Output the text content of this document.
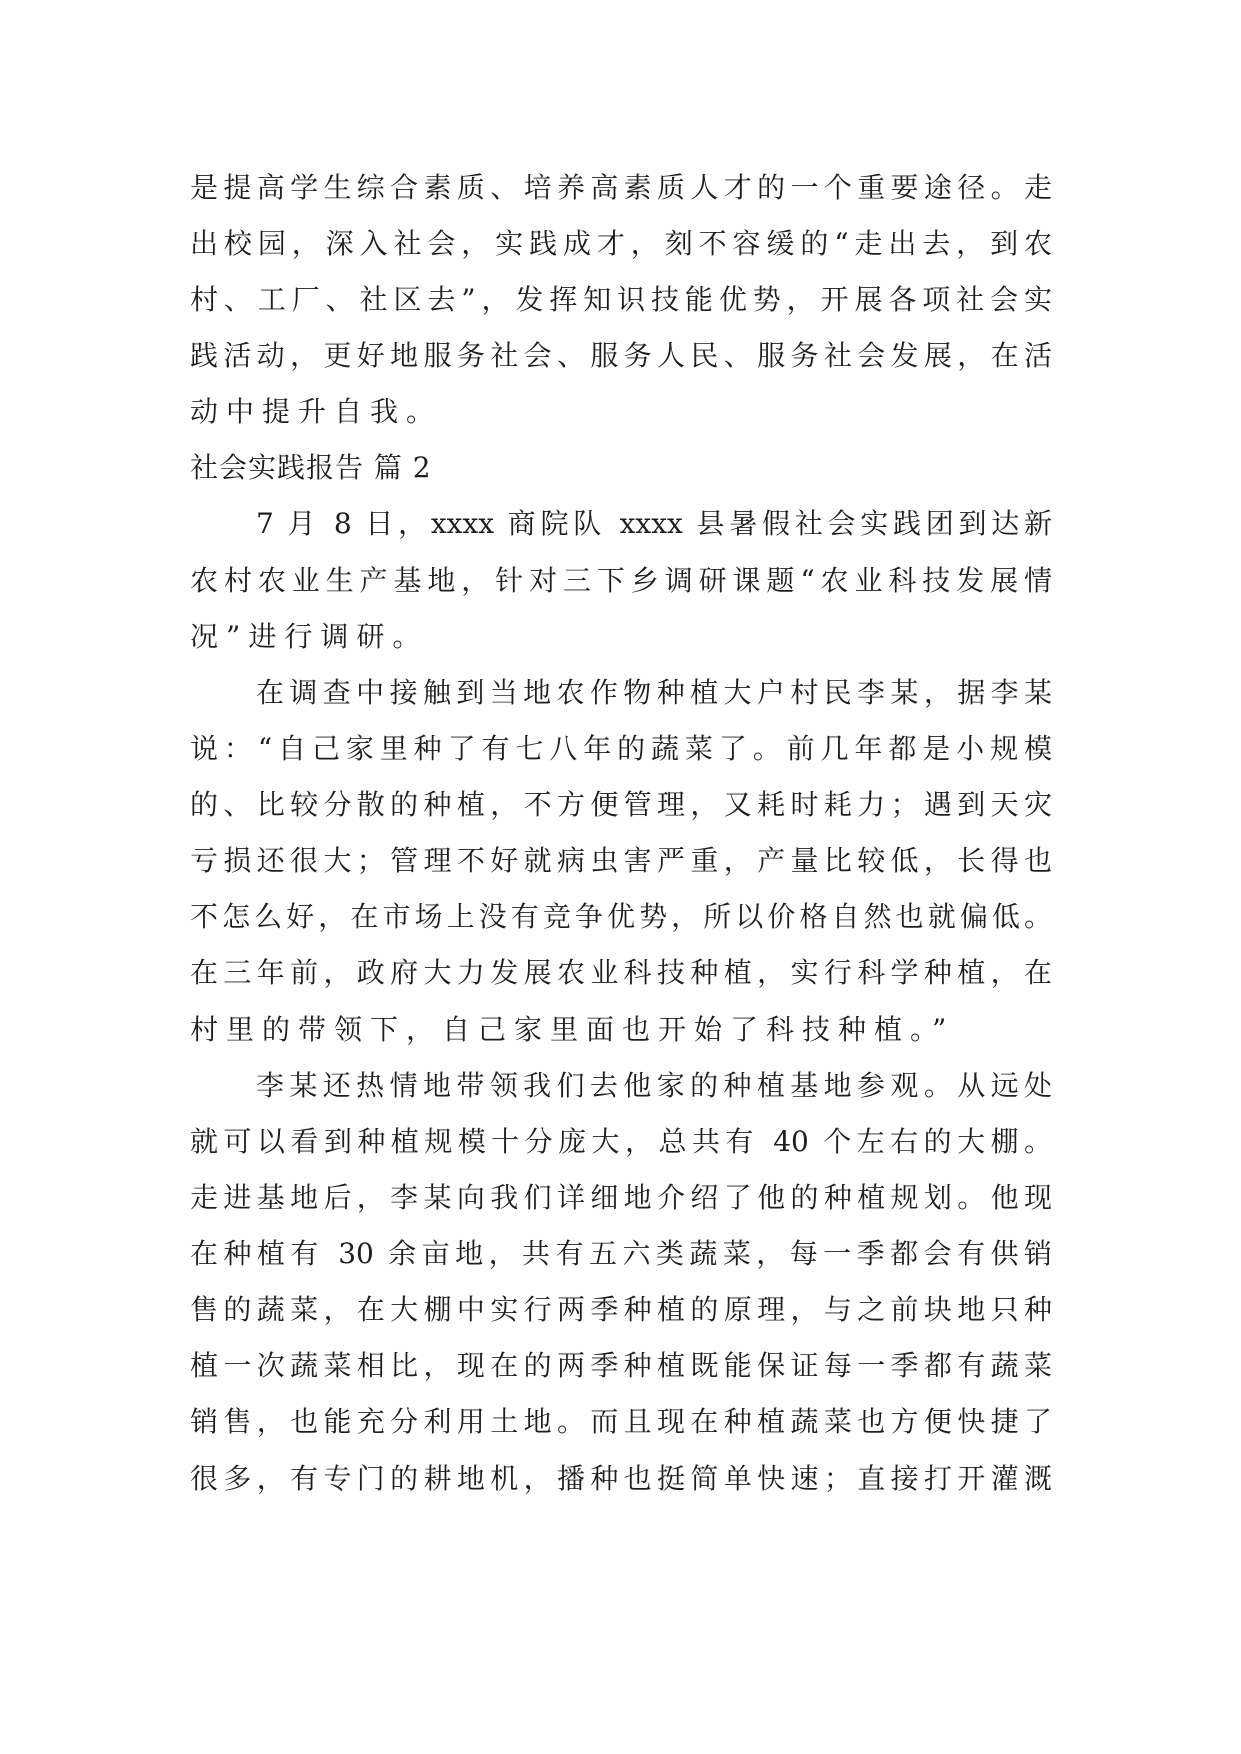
是提高学生综合素质、培养高素质人才的一个重要途径。走
出校园，深入社会，实践成才，刻不容缓的“走出去，到农
村、工厂、社区去”，发挥知识技能优势，开展各项社会实
践活动，更好地服务社会、服务人民、服务社会发展，在活
动中提升自我。
社会实践报告 篇 2
7 月 8 日，xxxx 商院队 xxxx 县暑假社会实践团到达新
农村农业生产基地，针对三下乡调研课题“农业科技发展情
况”进行调研。
在调查中接触到当地农作物种植大户村民李某，据李某
说：“自己家里种了有七八年的蔬菜了。前几年都是小规模
的、比较分散的种植，不方便管理，又耗时耗力；遇到天灾
亏损还很大；管理不好就病虫害严重，产量比较低，长得也
不怎么好，在市场上没有竞争优势，所以价格自然也就偏低。
在三年前，政府大力发展农业科技种植，实行科学种植，在
村里的带领下，自己家里面也开始了科技种植。”
李某还热情地带领我们去他家的种植基地参观。从远处
就可以看到种植规模十分庞大，总共有 40 个左右的大棚。
走进基地后，李某向我们详细地介绍了他的种植规划。他现
在种植有 30 余亩地，共有五六类蔬菜，每一季都会有供销
售的蔬菜，在大棚中实行两季种植的原理，与之前块地只种
植一次蔬菜相比，现在的两季种植既能保证每一季都有蔬菜
销售，也能充分利用土地。而且现在种植蔬菜也方便快捷了
很多，有专门的耕地机，播种也挺简单快速；直接打开灌溉
